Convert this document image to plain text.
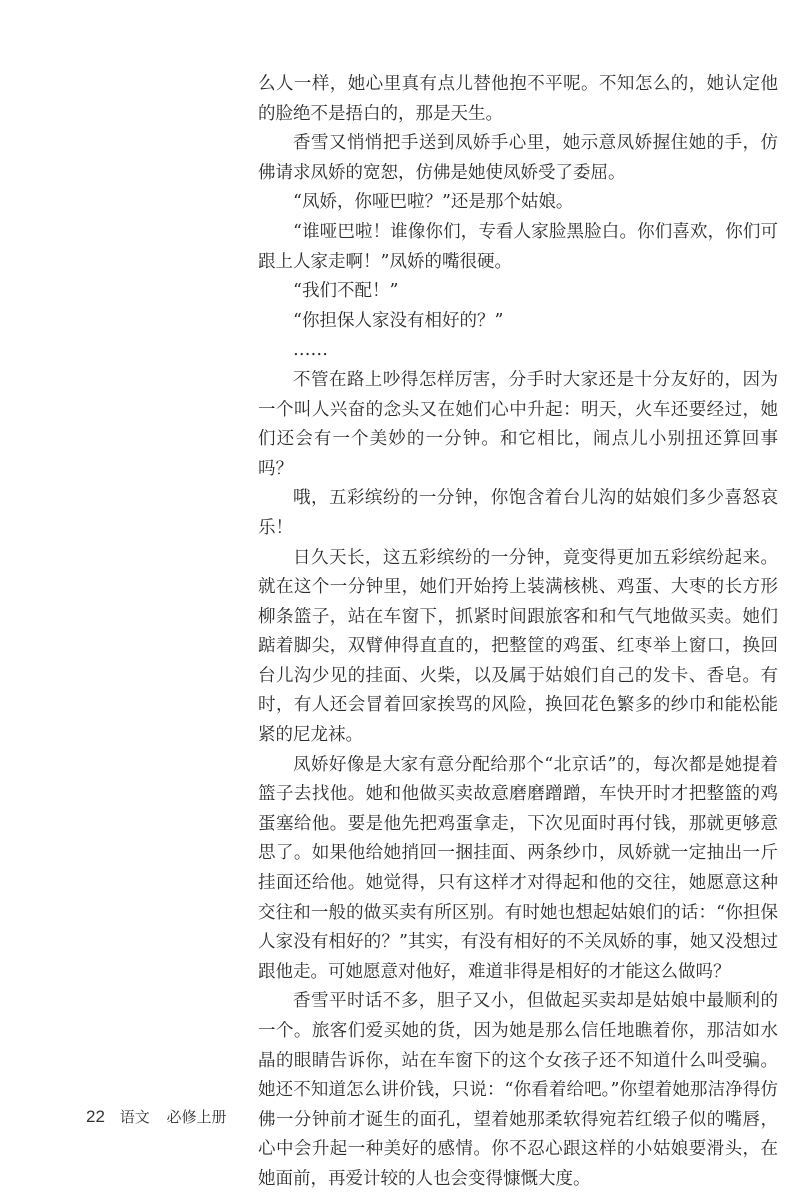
么人一样，她心里真有点儿替他抱不平呢。不知怎么的，她认定他的脸绝不是捂白的，那是天生。

香雪又悄悄把手送到凤娇手心里，她示意凤娇握住她的手，仿佛请求凤娇的宽恕，仿佛是她使凤娇受了委屈。

“凤娇，你哑巴啦？”还是那个姑娘。

“谁哑巴啦！谁像你们，专看人家脸黑脸白。你们喜欢，你们可跟上人家走啊！”凤娇的嘴很硬。

“我们不配！”

“你担保人家没有相好的？”

……

不管在路上吵得怎样厉害，分手时大家还是十分友好的，因为一个叫人兴奋的念头又在她们心中升起：明天，火车还要经过，她们还会有一个美妙的一分钟。和它相比，闹点儿小别扭还算回事吗？

哦，五彩缤纷的一分钟，你饱含着台儿沟的姑娘们多少喜怒哀乐！

日久天长，这五彩缤纷的一分钟，竟变得更加五彩缤纷起来。就在这个一分钟里，她们开始挎上装满核桃、鸡蛋、大枣的长方形柳条篮子，站在车窗下，抓紧时间跟旅客和和气气地做买卖。她们踮着脚尖，双臂伸得直直的，把整筐的鸡蛋、红枣举上窗口，换回台儿沟少见的挂面、火柴，以及属于姑娘们自己的发卡、香皂。有时，有人还会冒着回家挨骂的风险，换回花色繁多的纱巾和能松能紧的尼龙袜。

凤娇好像是大家有意分配给那个“北京话”的，每次都是她提着篮子去找他。她和他做买卖故意磨磨蹭蹭，车快开时才把整篮的鸡蛋塞给他。要是他先把鸡蛋拿走，下次见面时再付钱，那就更够意思了。如果他给她捎回一捆挂面、两条纱巾，凤娇就一定抽出一斤挂面还给他。她觉得，只有这样才对得起和他的交往，她愿意这种交往和一般的做买卖有所区别。有时她也想起姑娘们的话：“你担保人家没有相好的？”其实，有没有相好的不关凤娇的事，她又没想过跟他走。可她愿意对他好，难道非得是相好的才能这么做吗？

香雪平时话不多，胆子又小，但做起买卖却是姑娘中最顺利的一个。旅客们爱买她的货，因为她是那么信任地瞧着你，那洁如水晶的眼睛告诉你，站在车窗下的这个女孩子还不知道什么叫受骗。她还不知道怎么讲价钱，只说：“你看着给吧。”你望着她那洁净得仿佛一分钟前才诞生的面孔，望着她那柔软得宛若红缎子似的嘴唇，心中会升起一种美好的感情。你不忍心跟这样的小姑娘要滑头，在她面前，再爱计较的人也会变得慷慨大度。

22 语文 必修上册
